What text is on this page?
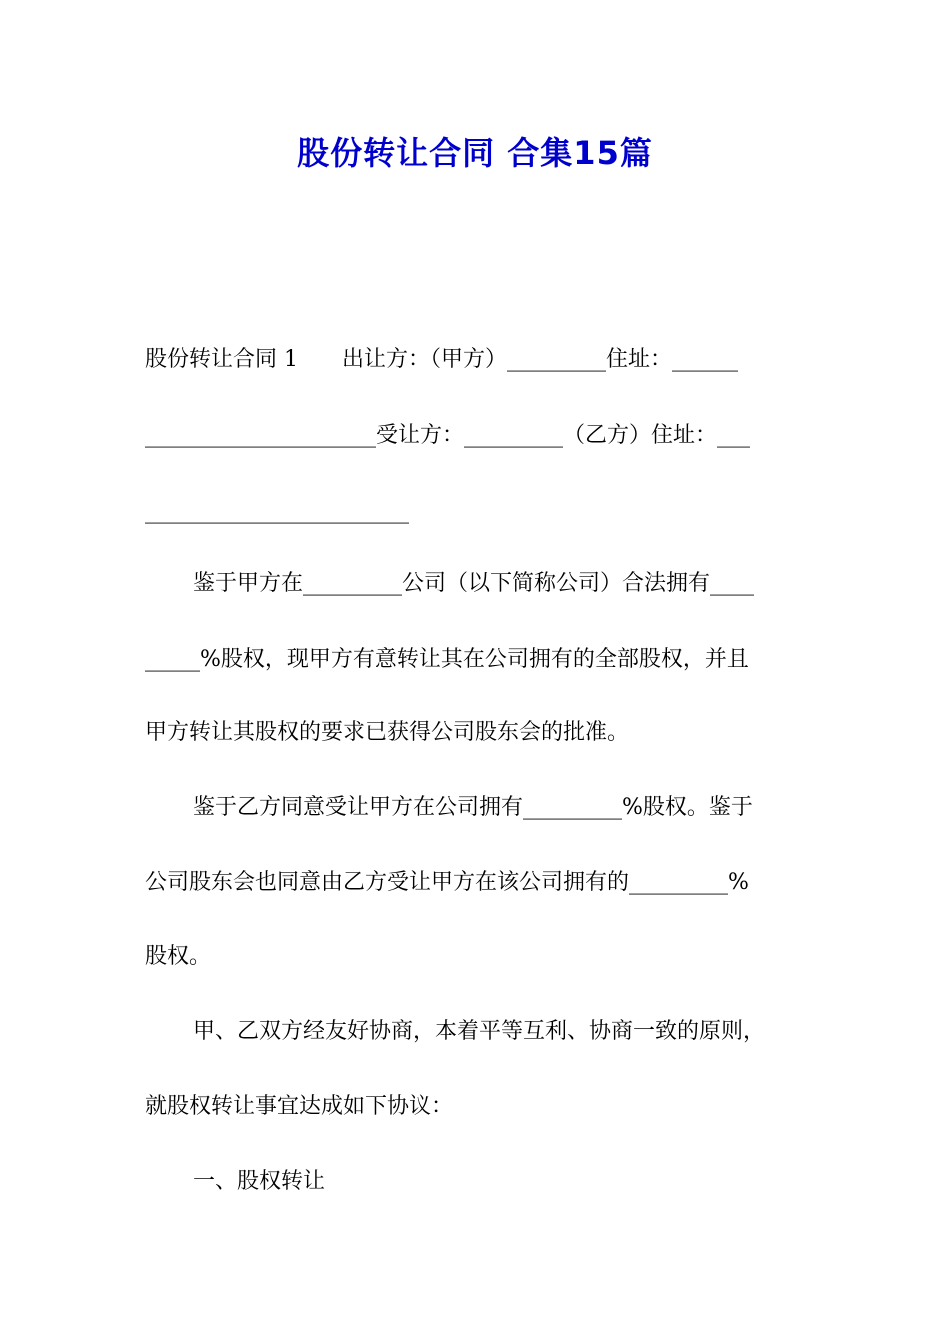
股份转让合同 合集15篇

股份转让合同 1　　出让方：（甲方）_________住址：______

_____________________受让方：_________（乙方）住址：___

________________________

鉴于甲方在_________公司（以下简称公司）合法拥有____

_____%股权，现甲方有意转让其在公司拥有的全部股权，并且

甲方转让其股权的要求已获得公司股东会的批准。

鉴于乙方同意受让甲方在公司拥有_________%股权。鉴于

公司股东会也同意由乙方受让甲方在该公司拥有的_________%

股权。

甲、乙双方经友好协商，本着平等互利、协商一致的原则，

就股权转让事宜达成如下协议：

一、股权转让
